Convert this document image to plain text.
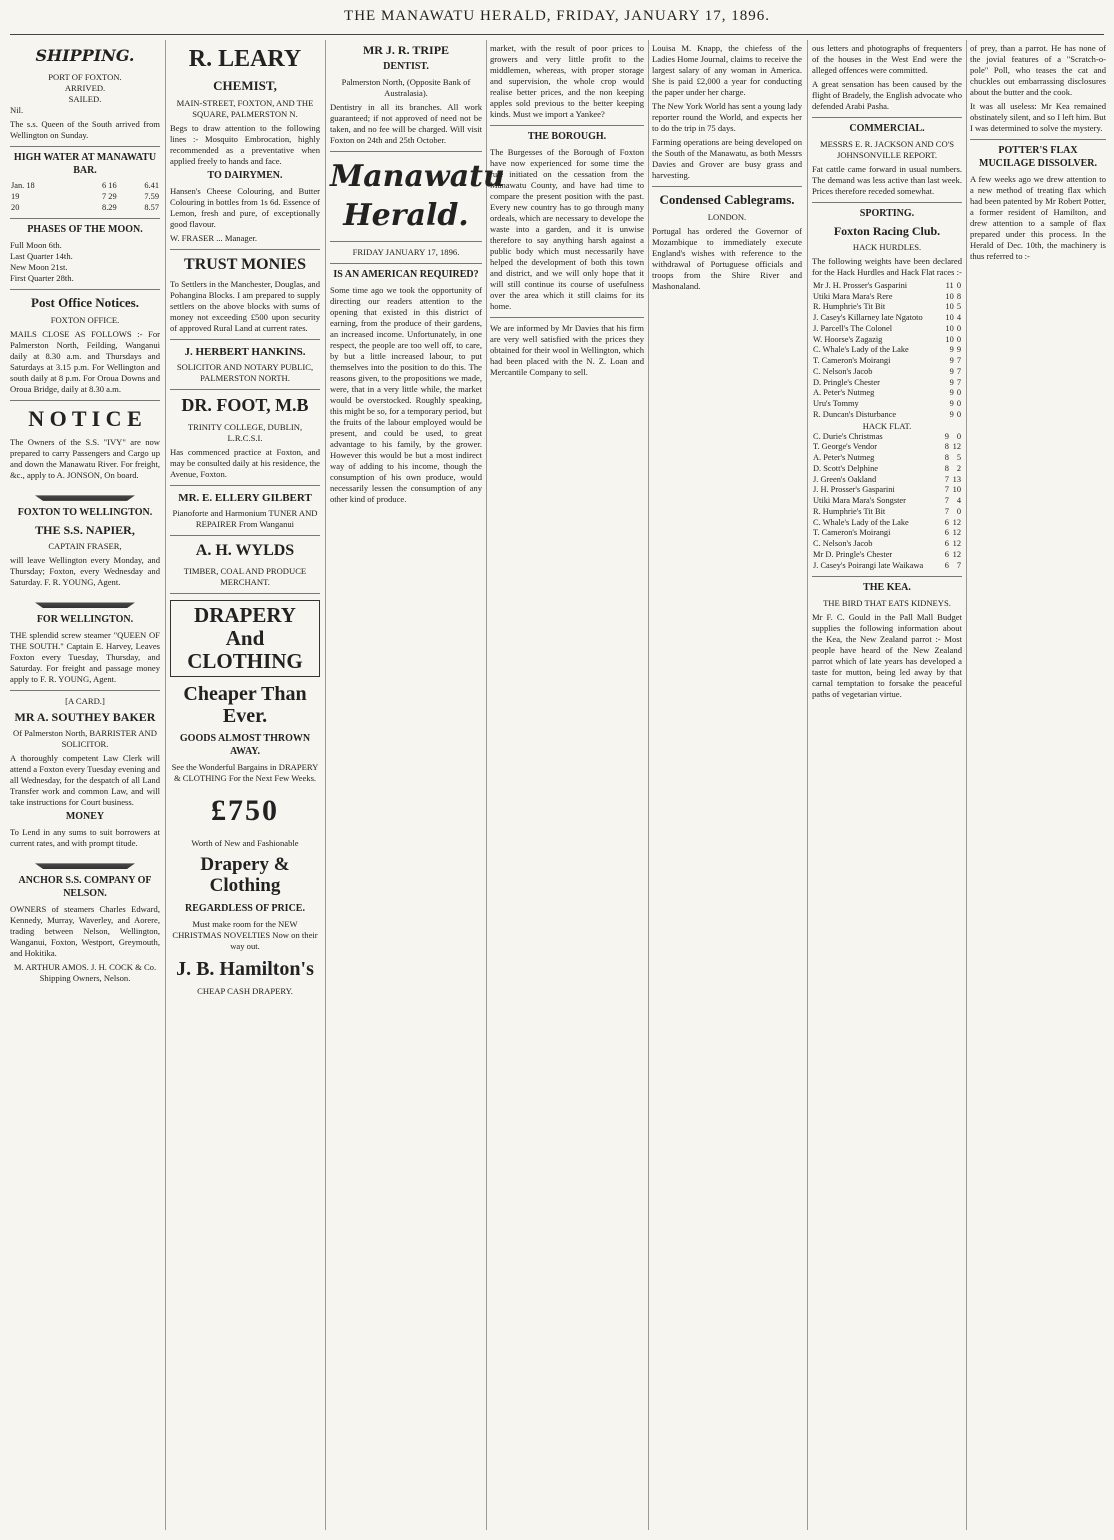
THE MANAWATU HERALD, FRIDAY, JANUARY 17, 1896.
SHIPPING.
PORT OF FOXTON.
ARRIVED.
SAILED.
Nil.

The s.s. Queen of the South arrived from Wellington on Sunday.

HIGH WATER AT MANAWATU BAR.
Jan. 18	6 16	6.41
19	7 29	7.59
20	8.29	8.57
PHASES OF THE MOON.
Full Moon 6th.
Last Quarter 14th.
New Moon 21st.
First Quarter 28th.
Post Office Notices.
FOXTON OFFICE.

MAILS CLOSE AS FOLLOWS :- For Palmerston North, Feilding, Wanganui daily at 8.30 a.m. and Thursdays and Saturdays at 3.15 p.m. For Wellington and south daily at 8 p.m. For Oroua Downs and Oroua Bridge, daily at 8.30 a.m.

N O T I C E

The Owners of the S.S. "IVY" are now prepared to carry Passengers and Cargo up and down the Manawatu River. For freight, &c., apply to A. JONSON, On board.

FOXTON TO WELLINGTON.
THE S.S. NAPIER,
CAPTAIN FRASER,

will leave Wellington every Monday, and Thursday; Foxton, every Wednesday and Saturday. F. R. YOUNG, Agent.

FOR WELLINGTON.

THE splendid screw steamer "QUEEN OF THE SOUTH." Captain E. Harvey, Leaves Foxton every Tuesday, Thursday, and Saturday. For freight and passage money apply to F. R. YOUNG, Agent.

[A CARD.]
MR A. SOUTHEY BAKER
Of Palmerston North, BARRISTER AND SOLICITOR.

A thoroughly competent Law Clerk will attend a Foxton every Tuesday evening and all Wednesday, for the despatch of all Land Transfer work and common Law, and will take instructions for Court business.

MONEY

To Lend in any sums to suit borrowers at current rates, and with prompt titude.

ANCHOR S.S. COMPANY OF NELSON.

OWNERS of steamers Charles Edward, Kennedy, Murray, Waverley, and Aorere, trading between Nelson, Wellington, Wanganui, Foxton, Westport, Greymouth, and Hokitika.

M. ARTHUR AMOS. J. H. COCK & Co. Shipping Owners, Nelson.

R. LEARY
CHEMIST,
MAIN-STREET, FOXTON, AND THE SQUARE, PALMERSTON N.

Begs to draw attention to the following lines :- Mosquito Embrocation, highly recommended as a preventative when applied freely to hands and face.

TO DAIRYMEN.

Hansen's Cheese Colouring, and Butter Colouring in bottles from 1s 6d. Essence of Lemon, fresh and pure, of exceptionally good flavour.

W. FRASER ... Manager.
TRUST MONIES

To Settlers in the Manchester, Douglas, and Pohangina Blocks. I am prepared to supply settlers on the above blocks with sums of money not exceeding £500 upon security of approved Rural Land at current rates.

J. HERBERT HANKINS.
SOLICITOR AND NOTARY PUBLIC, PALMERSTON NORTH.
DR. FOOT, M.B
TRINITY COLLEGE, DUBLIN, L.R.C.S.I.

Has commenced practice at Foxton, and may be consulted daily at his residence, the Avenue, Foxton.

MR. E. ELLERY GILBERT
Pianoforte and Harmonium TUNER AND REPAIRER From Wanganui
A. H. WYLDS
TIMBER, COAL AND PRODUCE MERCHANT.
DRAPERY And CLOTHING
Cheaper Than Ever.
GOODS ALMOST THROWN AWAY.

See the Wonderful Bargains in DRAPERY & CLOTHING For the Next Few Weeks.

£750
Worth of New and Fashionable
Drapery & Clothing
REGARDLESS OF PRICE.

Must make room for the NEW CHRISTMAS NOVELTIES Now on their way out.

J. B. Hamilton's
CHEAP CASH DRAPERY.
MR J. R. TRIPE
DENTIST.
Palmerston North, (Opposite Bank of Australasia).

Dentistry in all its branches. All work guaranteed; if not approved of need not be taken, and no fee will be charged. Will visit Foxton on 24th and 25th October.

Manawatu Herald.
FRIDAY JANUARY 17, 1896.
IS AN AMERICAN REQUIRED?

Some time ago we took the opportunity of directing our readers attention to the opening that existed in this district of earning, from the produce of their gardens, an increased income. Unfortunately, in one respect, the people are too well off, to care, by but a little increased labour, to put themselves into the position to do this. The reasons given, to the propositions we made, were, that in a very little while, the market would be overstocked. Roughly speaking, this might be so, for a temporary period, but the fruits of the labour employed would be present, and could be used, to great advantage to his family, by the grower. However this would be but a most indirect way of adding to his income, though the consumption of his own produce, would necessarily lessen the consumption of any other kind of produce.

market, with the result of poor prices to growers and very little profit to the middlemen, whereas, with proper storage and supervision, the whole crop would realise better prices, and the non keeping apples sold previous to the better keeping kinds. Must we import a Yankee?

THE BOROUGH.

The Burgesses of the Borough of Foxton have now experienced for some time the rule initiated on the cessation from the Manawatu County, and have had time to compare the present position with the past. Every new country has to go through many ordeals, which are necessary to develope the waste into a garden, and it is unwise therefore to say anything harsh against a public body which must necessarily have helped the development of both this town and district, and we will only hope that it will still continue its course of usefulness over the area which it still claims for its home.

We are informed by Mr Davies that his firm are very well satisfied with the prices they obtained for their wool in Wellington, which had been placed with the N. Z. Loan and Mercantile Company to sell.

Louisa M. Knapp, the chiefess of the Ladies Home Journal, claims to receive the largest salary of any woman in America. She is paid £2,000 a year for conducting the paper under her charge.

The New York World has sent a young lady reporter round the World, and expects her to do the trip in 75 days.

Farming operations are being developed on the South of the Manawatu, as both Messrs Davies and Grover are busy grass and harvesting.

Condensed Cablegrams.
LONDON.

Portugal has ordered the Governor of Mozambique to immediately execute England's wishes with reference to the withdrawal of Portuguese officials and troops from the Shire River and Mashonaland.

ous letters and photographs of frequenters of the houses in the West End were the alleged offences were committed.

A great sensation has been caused by the flight of Bradely, the English advocate who defended Arabi Pasha.

COMMERCIAL.
MESSRS E. R. JACKSON AND CO'S JOHNSONVILLE REPORT.

Fat cattle came forward in usual numbers. The demand was less active than last week. Prices therefore receded somewhat.

SPORTING.
Foxton Racing Club.
HACK HURDLES.

The following weights have been declared for the Hack Hurdles and Hack Flat races :-

Mr J. H. Prosser's Gasparini	11	0
Utiki Mara Mara's Rere	10	8
R. Humphrie's Tit Bit	10	5
J. Casey's Killarney late Ngatoto	10	4
J. Parcell's The Colonel	10	0
W. Hoorse's Zagazig	10	0
C. Whale's Lady of the Lake	9	9
T. Cameron's Moirangi	9	7
C. Nelson's Jacob	9	7
D. Pringle's Chester	9	7
A. Peter's Nutmeg	9	0
Uru's Tommy	9	0
R. Duncan's Disturbance	9	0
HACK FLAT.
C. Durie's Christmas	9	0
T. George's Vendor	8	12
A. Peter's Nutmeg	8	5
D. Scott's Delphine	8	2
J. Green's Oakland	7	13
J. H. Prosser's Gasparini	7	10
Utiki Mara Mara's Songster	7	4
R. Humphrie's Tit Bit	7	0
C. Whale's Lady of the Lake	6	12
T. Cameron's Moirangi	6	12
C. Nelson's Jacob	6	12
Mr D. Pringle's Chester	6	12
J. Casey's Poirangi late Waikawa	6	7
THE KEA.
THE BIRD THAT EATS KIDNEYS.

Mr F. C. Gould in the Pall Mall Budget supplies the following information about the Kea, the New Zealand parrot :- Most people have heard of the New Zealand parrot which of late years has developed a taste for mutton, being led away by that carnal temptation to forsake the peaceful paths of vegetarian virtue.

of prey, than a parrot. He has none of the jovial features of a "Scratch-o-pole" Poll, who teases the cat and chuckles out embarrassing disclosures about the butter and the cook.

It was all useless: Mr Kea remained obstinately silent, and so I left him. But I was determined to solve the mystery.

POTTER'S FLAX MUCILAGE DISSOLVER.

A few weeks ago we drew attention to a new method of treating flax which had been patented by Mr Robert Potter, a former resident of Hamilton, and drew attention to a sample of flax prepared under this process. In the Herald of Dec. 10th, the machinery is thus referred to :-
